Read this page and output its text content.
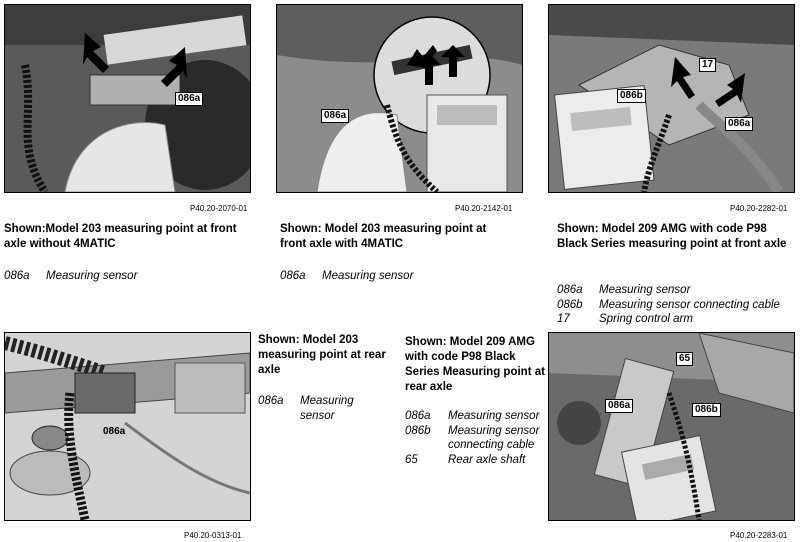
086a
P40.20-2070-01
Shown:Model 203 measuring point at front axle without 4MATIC
086a	Measuring sensor
086a
P40.20-2142-01
Shown: Model 203 measuring point at front axle with 4MATIC
086a	Measuring sensor
086b
17
086a
P40.20-2282-01
Shown: Model 209 AMG with code P98 Black Series measuring point at front axle
086a	Measuring sensor
086b	Measuring sensor connecting cable
17	Spring control arm
086a
P40.20-0313-01
Shown: Model 203 measuring point at rear axle
086a	Measuring sensor
Shown: Model 209 AMG with code P98 Black Series Measuring point at rear axle
086a	Measuring sensor
086b	Measuring sensor connecting cable
65	Rear axle shaft
65
086a	086b
P40.20-2283-01
